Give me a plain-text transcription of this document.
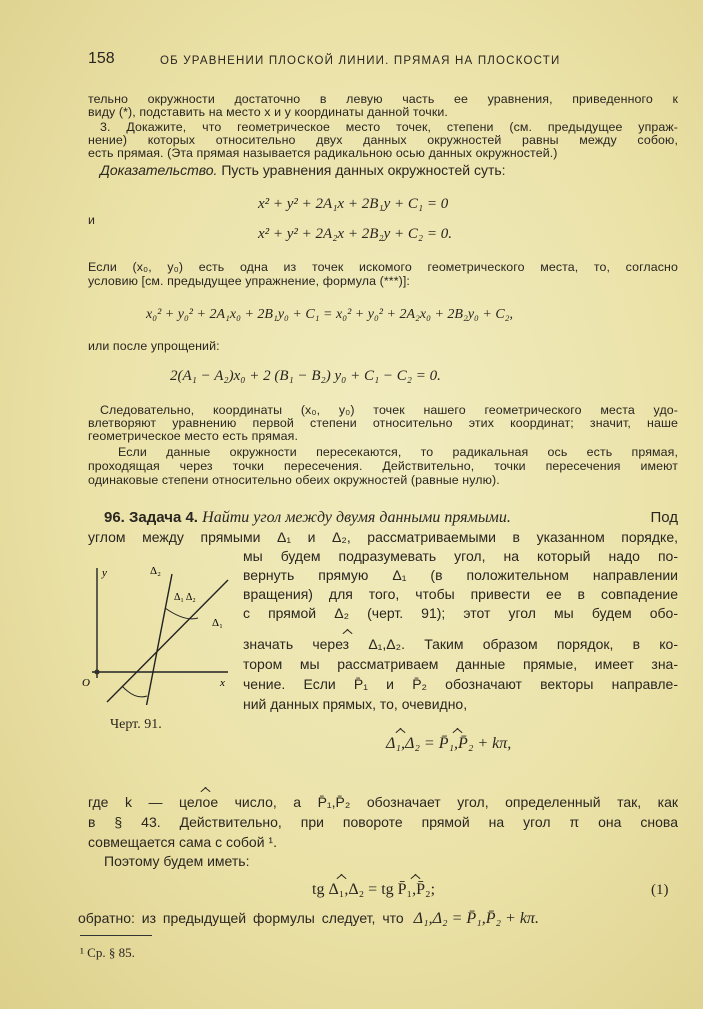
158	ОБ УРАВНЕНИИ ПЛОСКОЙ ЛИНИИ. ПРЯМАЯ НА ПЛОСКОСТИ
тельно окружности достаточно в левую часть ее уравнения, приведенного к
виду (*), подставить на место x и y координаты данной точки.
3. Докажите, что геометрическое место точек, степени (см. предыдущее упраж-
нение) которых относительно двух данных окружностей равны между собою,
есть прямая. (Эта прямая называется радикальною осью данных окружностей.)
Доказательство. Пусть уравнения данных окружностей суть:
x² + y² + 2A₁x + 2B₁y + C₁ = 0
и
x² + y² + 2A₂x + 2B₂y + C₂ = 0.
Если (x₀, y₀) есть одна из точек искомого геометрического места, то, согласно
условию [см. предыдущее упражнение, формула (***)]:
x₀² + y₀² + 2A₁x₀ + 2B₁y₀ + C₁ = x₀² + y₀² + 2A₂x₀ + 2B₂y₀ + C₂,
или после упрощений:
2(A₁ − A₂)x₀ + 2 (B₁ − B₂) y₀ + C₁ − C₂ = 0.
Следовательно, координаты (x₀, y₀) точек нашего геометрического места удо-
влетворяют уравнению первой степени относительно этих координат; значит, наше
геометрическое место есть прямая.
Если данные окружности пересекаются, то радикальная ось есть прямая,
проходящая через точки пересечения. Действительно, точки пересечения имеют
одинаковые степени относительно обеих окружностей (равные нулю).
96. Задача 4. Найти угол между двумя данными прямыми.	Под
углом между прямыми Δ₁ и Δ₂, рассматриваемыми в указанном порядке,
мы будем подразумевать угол, на который надо по-
вернуть прямую Δ₁ (в положительном направлении
вращения) для того, чтобы привести ее в совпадение
с прямой Δ₂ (черт. 91); этот угол мы будем обо-
значать через Δ₁,Δ₂. Таким образом порядок, в ко-
тором мы рассматриваем данные прямые, имеет зна-
чение. Если P̄₁ и P̄₂ обозначают векторы направле-
ний данных прямых, то, очевидно,
y
x
O
Δ₂
Δ₁
Δ₁ Δ₂
Черт. 91.
Δ₁,Δ₂ = P̄₁,P̄₂ + kπ,
где k — целое число, а P̄₁,P̄₂ обозначает угол, определенный так, как
в § 43. Действительно, при повороте прямой на угол π она снова
совмещается сама с собой ¹.
Поэтому будем иметь:
tg Δ₁,Δ₂ = tg P̄₁,P̄₂;	(1)
обратно: из предыдущей формулы следует, что Δ₁,Δ₂ = P̄₁,P̄₂ + kπ.
¹ Ср. § 85.
